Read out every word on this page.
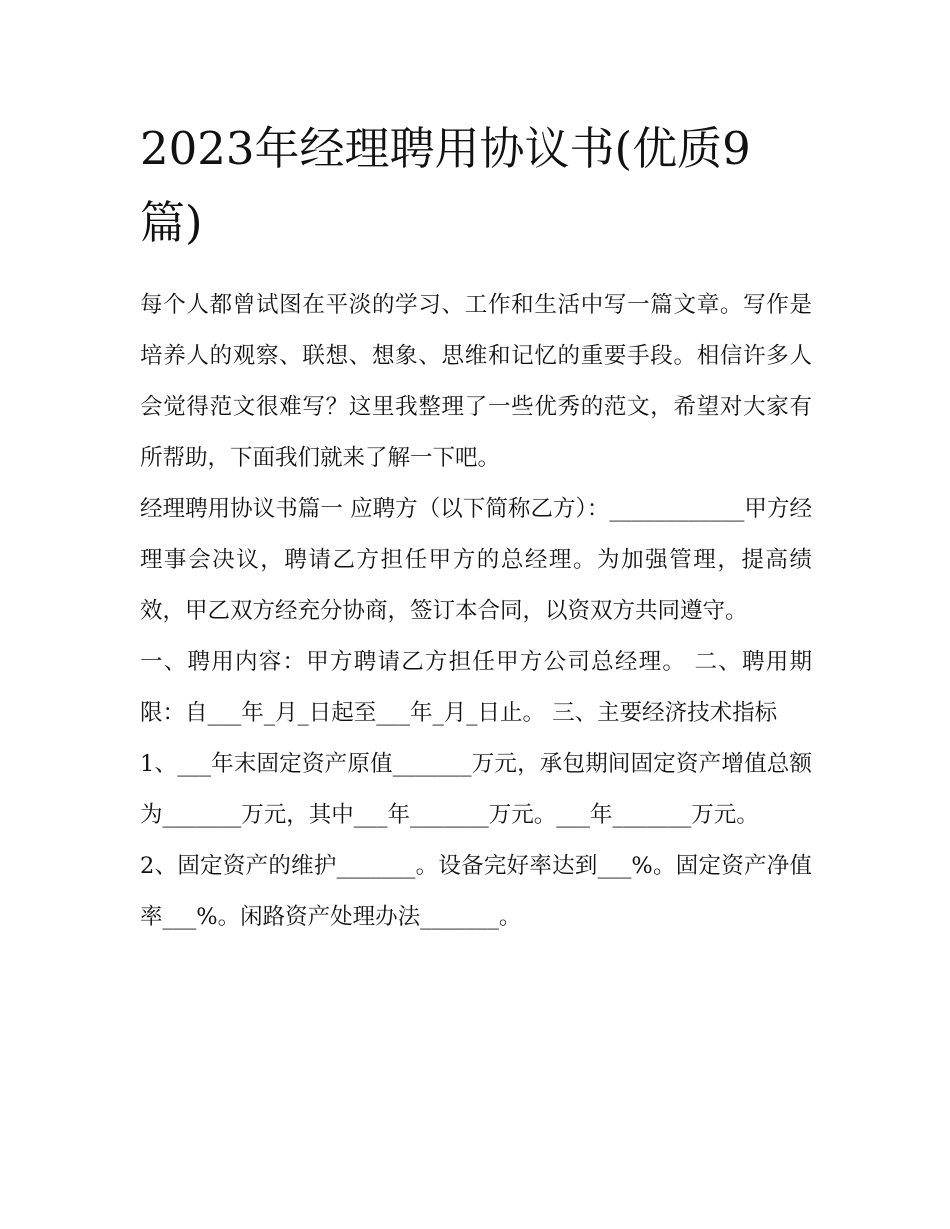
2023年经理聘用协议书(优质9
篇)

每个人都曾试图在平淡的学习、工作和生活中写一篇文章。写作是培养人的观察、联想、想象、思维和记忆的重要手段。相信许多人会觉得范文很难写？这里我整理了一些优秀的范文，希望对大家有所帮助，下面我们就来了解一下吧。

经理聘用协议书篇一 应聘方（以下简称乙方）：____________甲方经理事会决议，聘请乙方担任甲方的总经理。为加强管理，提高绩效，甲乙双方经充分协商，签订本合同，以资双方共同遵守。

一、聘用内容：甲方聘请乙方担任甲方公司总经理。 二、聘用期限：自___年_月_日起至___年_月_日止。 三、主要经济技术指标

1、___年末固定资产原值_______万元，承包期间固定资产增值总额为_______万元，其中___年_______万元。___年_______万元。

2、固定资产的维护_______。设备完好率达到___%。固定资产净值率___%。闲路资产处理办法_______。
